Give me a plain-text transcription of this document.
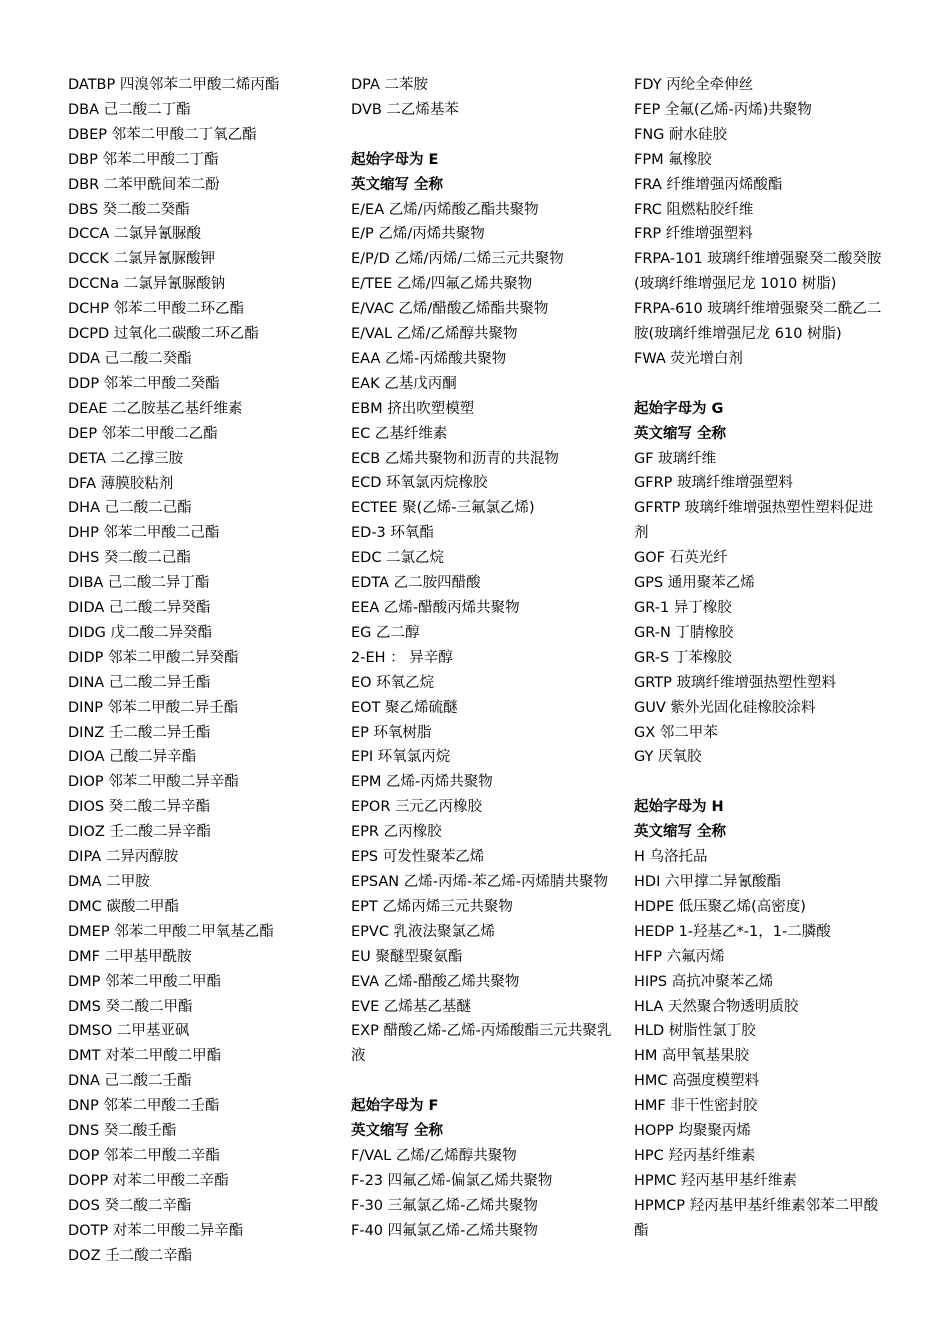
DATBP 四溴邻苯二甲酸二烯丙酯
DBA 己二酸二丁酯
DBEP 邻苯二甲酸二丁氧乙酯
DBP 邻苯二甲酸二丁酯
DBR 二苯甲酰间苯二酚
DBS 癸二酸二癸酯
DCCA 二氯异氰脲酸
DCCK 二氯异氰脲酸钾
DCCNa 二氯异氰脲酸钠
DCHP 邻苯二甲酸二环乙酯
DCPD 过氧化二碳酸二环乙酯
DDA 己二酸二癸酯
DDP 邻苯二甲酸二癸酯
DEAE 二乙胺基乙基纤维素
DEP 邻苯二甲酸二乙酯
DETA 二乙撑三胺
DFA 薄膜胶粘剂
DHA 己二酸二己酯
DHP 邻苯二甲酸二己酯
DHS 癸二酸二己酯
DIBA 己二酸二异丁酯
DIDA 己二酸二异癸酯
DIDG 戊二酸二异癸酯
DIDP 邻苯二甲酸二异癸酯
DINA 己二酸二异壬酯
DINP 邻苯二甲酸二异壬酯
DINZ 壬二酸二异壬酯
DIOA 己酸二异辛酯
DIOP 邻苯二甲酸二异辛酯
DIOS 癸二酸二异辛酯
DIOZ 壬二酸二异辛酯
DIPA 二异丙醇胺
DMA 二甲胺
DMC 碳酸二甲酯
DMEP 邻苯二甲酸二甲氧基乙酯
DMF 二甲基甲酰胺
DMP 邻苯二甲酸二甲酯
DMS 癸二酸二甲酯
DMSO 二甲基亚砜
DMT 对苯二甲酸二甲酯
DNA 己二酸二壬酯
DNP 邻苯二甲酸二壬酯
DNS 癸二酸壬酯
DOP 邻苯二甲酸二辛酯
DOPP 对苯二甲酸二辛酯
DOS 癸二酸二辛酯
DOTP 对苯二甲酸二异辛酯
DOZ 壬二酸二辛酯
DPA 二苯胺
DVB 二乙烯基苯
起始字母为 E
英文缩写 全称
E/EA 乙烯/丙烯酸乙酯共聚物
E/P 乙烯/丙烯共聚物
E/P/D 乙烯/丙烯/二烯三元共聚物
E/TEE 乙烯/四氟乙烯共聚物
E/VAC 乙烯/醋酸乙烯酯共聚物
E/VAL 乙烯/乙烯醇共聚物
EAA 乙烯-丙烯酸共聚物
EAK 乙基戊丙酮
EBM 挤出吹塑模塑
EC 乙基纤维素
ECB 乙烯共聚物和沥青的共混物
ECD 环氧氯丙烷橡胶
ECTEE 聚(乙烯-三氟氯乙烯)
ED-3 环氧酯
EDC 二氯乙烷
EDTA 乙二胺四醋酸
EEA 乙烯-醋酸丙烯共聚物
EG 乙二醇
2-EH ： 异辛醇
EO 环氧乙烷
EOT 聚乙烯硫醚
EP 环氧树脂
EPI 环氧氯丙烷
EPM 乙烯-丙烯共聚物
EPOR 三元乙丙橡胶
EPR 乙丙橡胶
EPS 可发性聚苯乙烯
EPSAN 乙烯-丙烯-苯乙烯-丙烯腈共聚物
EPT 乙烯丙烯三元共聚物
EPVC 乳液法聚氯乙烯
EU 聚醚型聚氨酯
EVA 乙烯-醋酸乙烯共聚物
EVE 乙烯基乙基醚
EXP 醋酸乙烯-乙烯-丙烯酸酯三元共聚乳液
起始字母为 F
英文缩写 全称
F/VAL 乙烯/乙烯醇共聚物
F-23 四氟乙烯-偏氯乙烯共聚物
F-30 三氟氯乙烯-乙烯共聚物
F-40 四氟氯乙烯-乙烯共聚物
FDY 丙纶全牵伸丝
FEP 全氟(乙烯-丙烯)共聚物
FNG 耐水硅胶
FPM 氟橡胶
FRA 纤维增强丙烯酸酯
FRC 阻燃粘胶纤维
FRP 纤维增强塑料
FRPA-101 玻璃纤维增强聚癸二酸癸胺(玻璃纤维增强尼龙 1010 树脂)
FRPA-610 玻璃纤维增强聚癸二酰乙二胺(玻璃纤维增强尼龙 610 树脂)
FWA 荧光增白剂
起始字母为 G
英文缩写 全称
GF 玻璃纤维
GFRP 玻璃纤维增强塑料
GFRTP 玻璃纤维增强热塑性塑料促进剂
GOF 石英光纤
GPS 通用聚苯乙烯
GR-1 异丁橡胶
GR-N 丁腈橡胶
GR-S 丁苯橡胶
GRTP 玻璃纤维增强热塑性塑料
GUV 紫外光固化硅橡胶涂料
GX 邻二甲苯
GY 厌氧胶
起始字母为 H
英文缩写 全称
H 乌洛托品
HDI 六甲撑二异氰酸酯
HDPE 低压聚乙烯(高密度)
HEDP 1-羟基乙*-1，1-二膦酸
HFP 六氟丙烯
HIPS 高抗冲聚苯乙烯
HLA 天然聚合物透明质胶
HLD 树脂性氯丁胶
HM 高甲氧基果胶
HMC 高强度模塑料
HMF 非干性密封胶
HOPP 均聚聚丙烯
HPC 羟丙基纤维素
HPMC 羟丙基甲基纤维素
HPMCP 羟丙基甲基纤维素邻苯二甲酸酯
